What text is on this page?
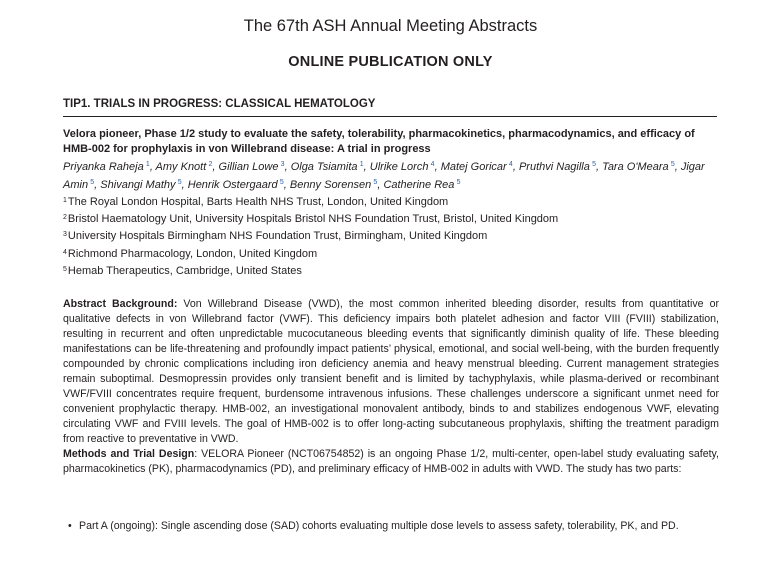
The 67th ASH Annual Meeting Abstracts
ONLINE PUBLICATION ONLY
TIP1. TRIALS IN PROGRESS: CLASSICAL HEMATOLOGY
Velora pioneer, Phase 1/2 study to evaluate the safety, tolerability, pharmacokinetics, pharmacodynamics, and efficacy of HMB-002 for prophylaxis in von Willebrand disease: A trial in progress
Priyanka Raheja  $^1$, Amy Knott  $^2$, Gillian Lowe  $^3$, Olga Tsiamita  $^1$, Ulrike Lorch  $^4$, Matej Goricar  $^4$, Pruthvi Nagilla  $^5$, Tara O'Meara  $^5$, Jigar Amin  $^5$, Shivangi Mathy  $^5$, Henrik Ostergaard  $^5$, Benny Sorensen  $^5$, Catherine Rea  $^5$
$^1$The Royal London Hospital, Barts Health NHS Trust, London, United Kingdom
$^2$Bristol Haematology Unit, University Hospitals Bristol NHS Foundation Trust, Bristol, United Kingdom
$^3$University Hospitals Birmingham NHS Foundation Trust, Birmingham, United Kingdom
$^4$Richmond Pharmacology, London, United Kingdom
$^5$Hemab Therapeutics, Cambridge, United States

Abstract Background: Von Willebrand Disease (VWD), the most common inherited bleeding disorder, results from quantitative or qualitative defects in von Willebrand factor (VWF). This deficiency impairs both platelet adhesion and factor VIII (FVIII) stabilization, resulting in recurrent and often unpredictable mucocutaneous bleeding events that significantly diminish quality of life. These bleeding manifestations can be life-threatening and profoundly impact patients’ physical, emotional, and social well-being, with the burden frequently compounded by chronic complications including iron deficiency anemia and heavy menstrual bleeding. Current management strategies remain suboptimal. Desmopressin provides only transient benefit and is limited by tachyphylaxis, while plasma-derived or recombinant VWF/FVIII concentrates require frequent, burdensome intravenous infusions. These challenges underscore a significant unmet need for convenient prophylactic therapy. HMB-002, an investigational monovalent antibody, binds to and stabilizes endogenous VWF, elevating circulating VWF and FVIII levels. The goal of HMB-002 is to offer long-acting subcutaneous prophylaxis, shifting the treatment paradigm from reactive to preventative in VWD.

Methods and Trial Design: VELORA Pioneer (NCT06754852) is an ongoing Phase 1/2, multi-center, open-label study evaluating safety, pharmacokinetics (PK), pharmacodynamics (PD), and preliminary efficacy of HMB-002 in adults with VWD. The study has two parts:

• Part A (ongoing): Single ascending dose (SAD) cohorts evaluating multiple dose levels to assess safety, tolerability, PK, and PD.
